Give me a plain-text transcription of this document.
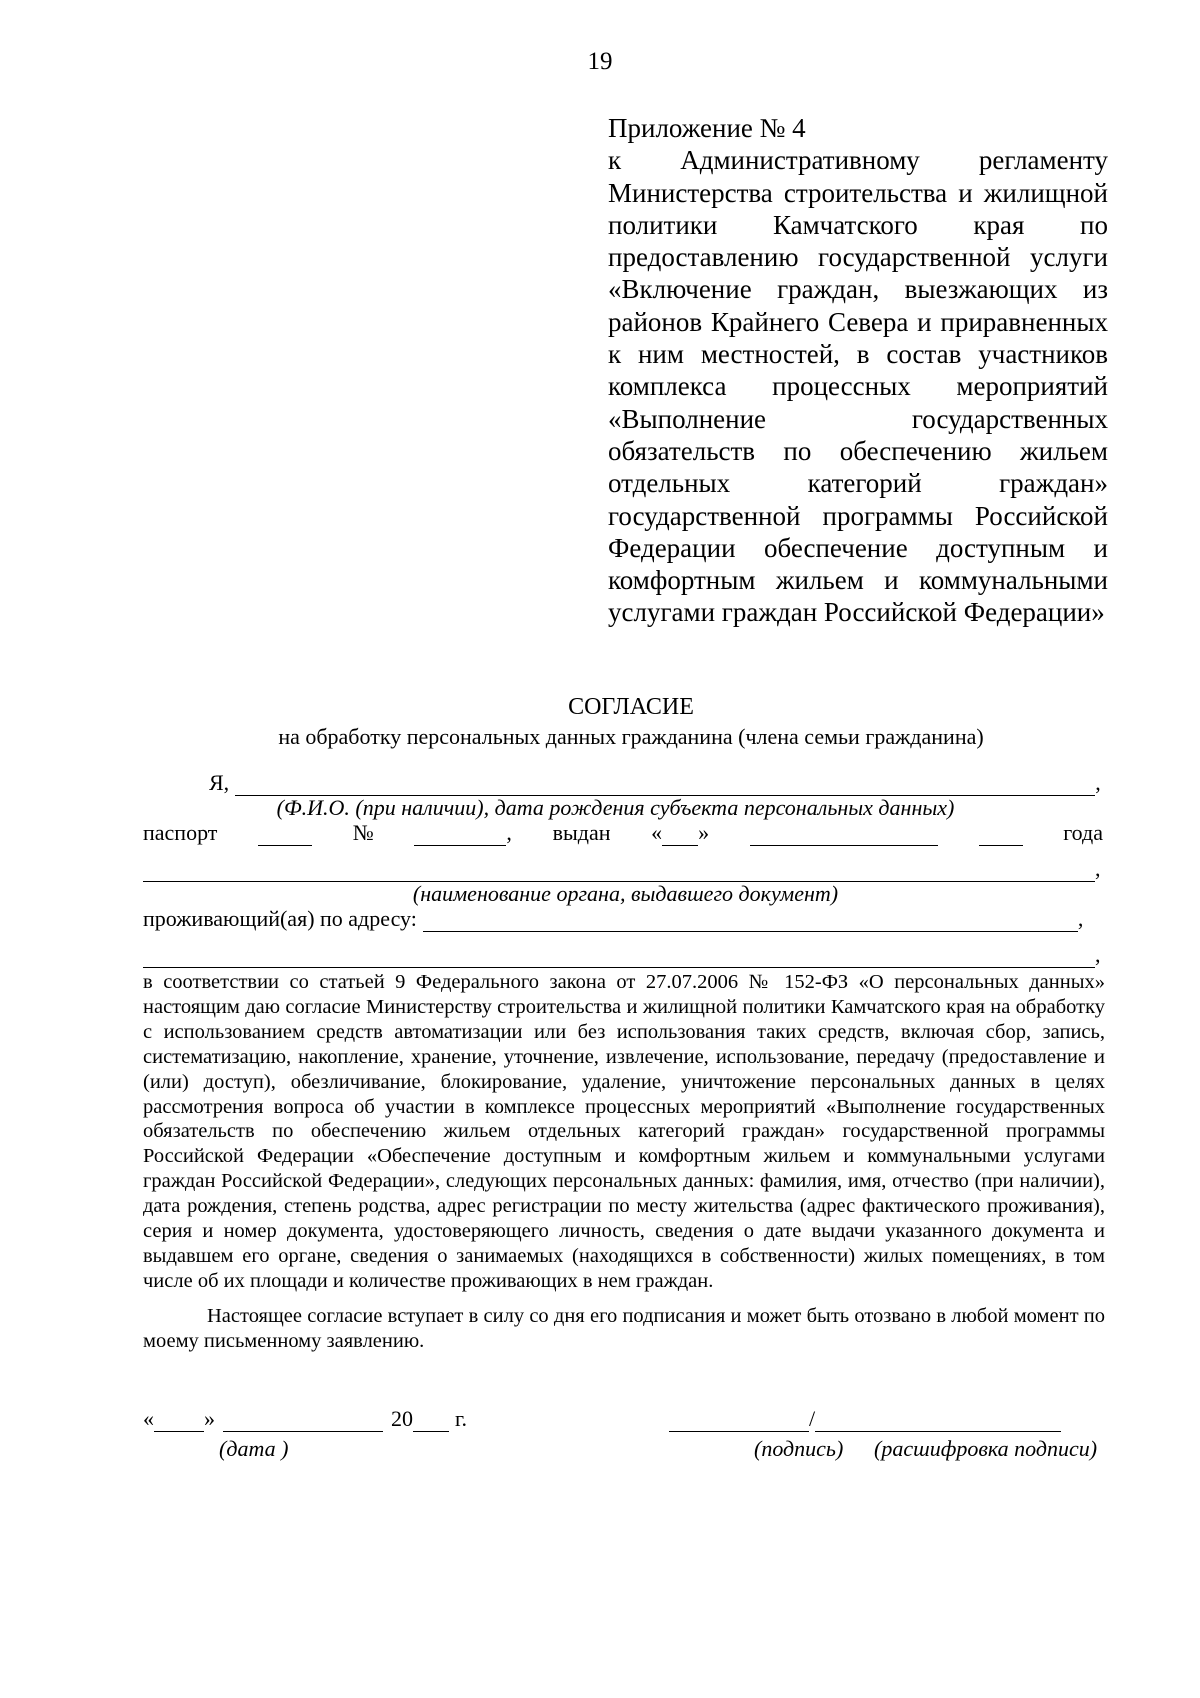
19
Приложение № 4
к Административному регламенту Министерства строительства и жилищной политики Камчатского края по предоставлению государственной услуги «Включение граждан, выезжающих из районов Крайнего Севера и приравненных к ним местностей, в состав участников комплекса процессных мероприятий «Выполнение государственных обязательств по обеспечению жильем отдельных категорий граждан» государственной программы Российской Федерации обеспечение доступным и комфортным жильем и коммунальными услугами граждан Российской Федерации»
СОГЛАСИЕ
на обработку персональных данных гражданина (члена семьи гражданина)
Я,	,
(Ф.И.О. (при наличии), дата рождения субъекта персональных данных)
паспорт	№	, выдан « »	года
,
(наименование органа, выдавшего документ)
проживающий(ая) по адресу:	,
,
в соответствии со статьей 9 Федерального закона от 27.07.2006 № 152-ФЗ «О персональных данных» настоящим даю согласие Министерству строительства и жилищной политики Камчатского края на обработку с использованием средств автоматизации или без использования таких средств, включая сбор, запись, систематизацию, накопление, хранение, уточнение, извлечение, использование, передачу (предоставление и (или) доступ), обезличивание, блокирование, удаление, уничтожение персональных данных в целях рассмотрения вопроса об участии в комплексе процессных мероприятий «Выполнение государственных обязательств по обеспечению жильем отдельных категорий граждан» государственной программы Российской Федерации «Обеспечение доступным и комфортным жильем и коммунальными услугами граждан Российской Федерации», следующих персональных данных: фамилия, имя, отчество (при наличии), дата рождения, степень родства, адрес регистрации по месту жительства (адрес фактического проживания), серия и номер документа, удостоверяющего личность, сведения о дате выдачи указанного документа и выдавшем его органе, сведения о занимаемых (находящихся в собственности) жилых помещениях, в том числе об их площади и количестве проживающих в нем граждан.
Настоящее согласие вступает в силу со дня его подписания и может быть отозвано в любой момент по моему письменному заявлению.
« »	20 г.	/
(дата )	(подпись) (расшифровка подписи)
